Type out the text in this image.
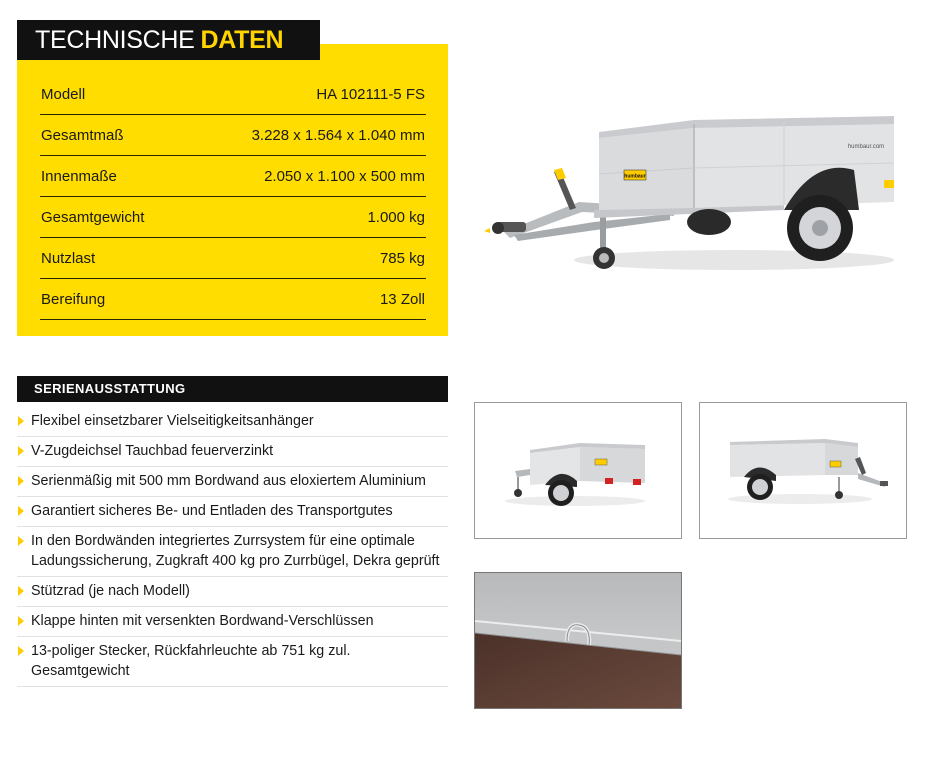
Modell	HA 102111-5 FS
Gesamtmaß	3.228 x 1.564 x 1.040 mm
Innenmaße	2.050 x 1.100 x 500 mm
Gesamtgewicht	1.000 kg
Nutzlast	785 kg
Bereifung	13 Zoll
TECHNISCHE DATEN
humbaur
humbaur.com
SERIENAUSSTATTUNG
Flexibel einsetzbarer Vielseitigkeitsanhänger
V-Zugdeichsel Tauchbad feuerverzinkt
Serienmäßig mit 500 mm Bordwand aus eloxiertem Aluminium
Garantiert sicheres Be- und Entladen des Transportgutes
In den Bordwänden integriertes Zurrsystem für eine optimale Ladungssicherung, Zugkraft 400 kg pro Zurrbügel, Dekra geprüft
Stützrad (je nach Modell)
Klappe hinten mit versenkten Bordwand-Verschlüssen
13-poliger Stecker, Rückfahrleuchte ab 751 kg zul. Gesamtgewicht
